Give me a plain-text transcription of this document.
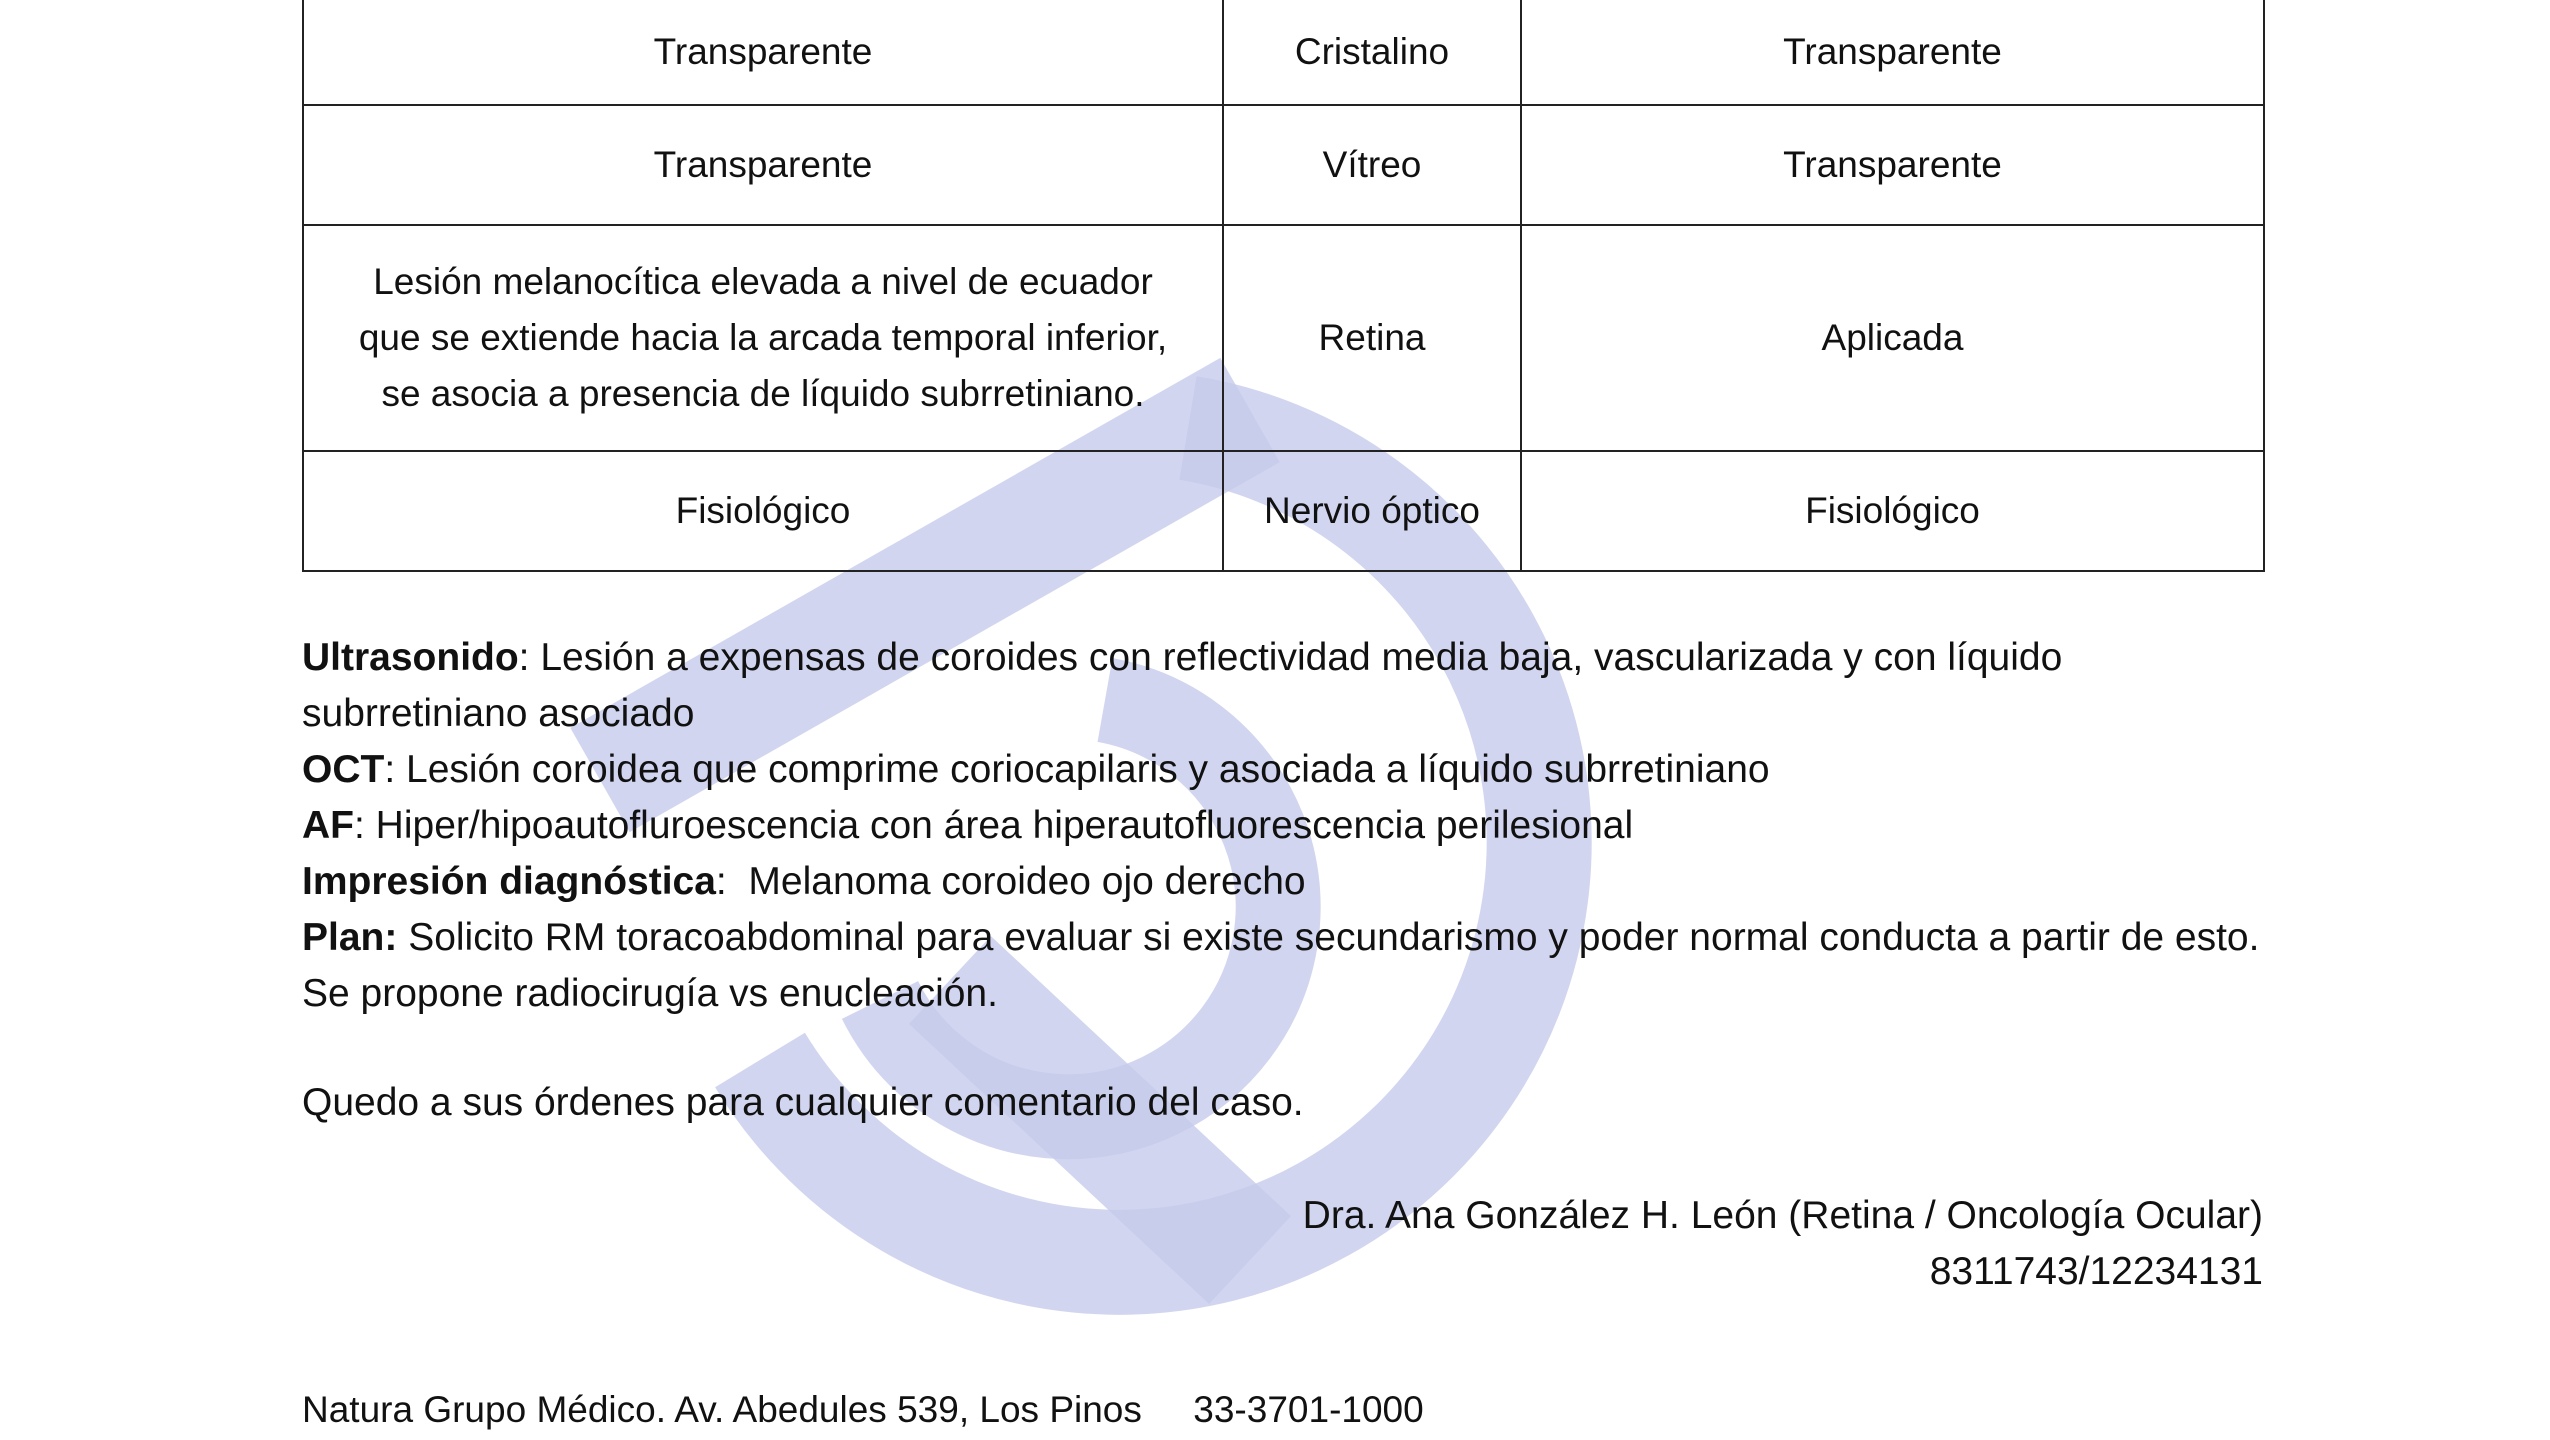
Transparente	Cristalino	Transparente
Transparente	Vítreo	Transparente
Lesión melanocítica elevada a nivel de ecuador que se extiende hacia la arcada temporal inferior, se asocia a presencia de líquido subrretiniano.	Retina	Aplicada
Fisiológico	Nervio óptico	Fisiológico

Ultrasonido: Lesión a expensas de coroides con reflectividad media baja, vascularizada y con líquido subrretiniano asociado

OCT: Lesión coroidea que comprime coriocapilaris y asociada a líquido subrretiniano

AF: Hiper/hipoautofluroescencia con área hiperautofluorescencia perilesional

Impresión diagnóstica:  Melanoma coroideo ojo derecho

Plan: Solicito RM toracoabdominal para evaluar si existe secundarismo y poder normal conducta a partir de esto. Se propone radiocirugía vs enucleación.

Quedo a sus órdenes para cualquier comentario del caso.
Dra. Ana González H. León (Retina / Oncología Ocular)
8311743/12234131
Natura Grupo Médico. Av. Abedules 539, Los Pinos 33-3701-1000
